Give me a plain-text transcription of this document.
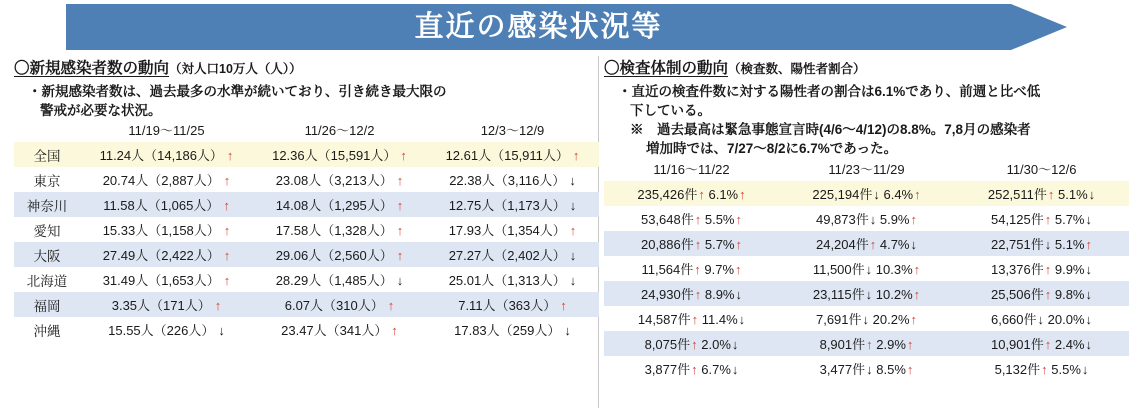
直近の感染状況等
〇新規感染者数の動向（対人口10万人（人））
・新規感染者数は、過去最多の水準が続いており、引き続き最大限の
警戒が必要な状況。
	11/19～11/25	11/26～12/2	12/3～12/9
全国	11.24人（14,186人） ↑	12.36人（15,591人） ↑	12.61人（15,911人） ↑
東京	20.74人（2,887人） ↑	23.08人（3,213人） ↑	22.38人（3,116人） ↓
神奈川	11.58人（1,065人） ↑	14.08人（1,295人） ↑	12.75人（1,173人） ↓
愛知	15.33人（1,158人） ↑	17.58人（1,328人） ↑	17.93人（1,354人） ↑
大阪	27.49人（2,422人） ↑	29.06人（2,560人） ↑	27.27人（2,402人） ↓
北海道	31.49人（1,653人） ↑	28.29人（1,485人） ↓	25.01人（1,313人） ↓
福岡	3.35人（171人） ↑	6.07人（310人） ↑	7.11人（363人） ↑
沖縄	15.55人（226人） ↓	23.47人（341人） ↑	17.83人（259人） ↓
〇検査体制の動向（検査数、陽性者割合）
・直近の検査件数に対する陽性者の割合は6.1%であり、前週と比べ低
下している。
※　過去最高は緊急事態宣言時(4/6～4/12)の8.8%。7,8月の感染者
増加時では、7/27～8/2に6.7%であった。
	11/16～11/22	11/23～11/29	11/30～12/6
	235,426件↑ 6.1%↑	225,194件↓ 6.4%↑	252,511件↑ 5.1%↓
	53,648件↑ 5.5%↑	49,873件↓ 5.9%↑	54,125件↑ 5.7%↓
	20,886件↑ 5.7%↑	24,204件↑ 4.7%↓	22,751件↓ 5.1%↑
	11,564件↑ 9.7%↑	11,500件↓ 10.3%↑	13,376件↑ 9.9%↓
	24,930件↑ 8.9%↓	23,115件↓ 10.2%↑	25,506件↑ 9.8%↓
	14,587件↑ 11.4%↓	7,691件↓ 20.2%↑	6,660件↓ 20.0%↓
	8,075件↑ 2.0%↓	8,901件↑ 2.9%↑	10,901件↑ 2.4%↓
	3,877件↑ 6.7%↓	3,477件↓ 8.5%↑	5,132件↑ 5.5%↓
